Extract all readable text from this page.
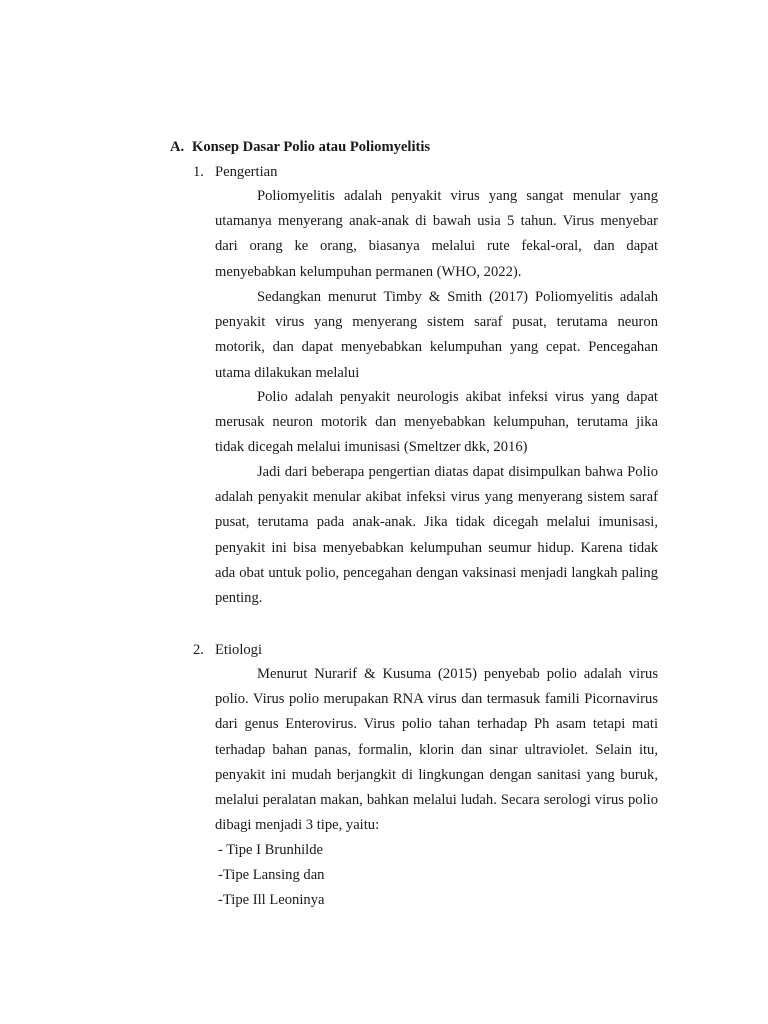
A. Konsep Dasar Polio atau Poliomyelitis
1. Pengertian

Poliomyelitis adalah penyakit virus yang sangat menular yang utamanya menyerang anak-anak di bawah usia 5 tahun. Virus menyebar dari orang ke orang, biasanya melalui rute fekal-oral, dan dapat menyebabkan kelumpuhan permanen (WHO, 2022).

Sedangkan menurut Timby & Smith (2017) Poliomyelitis adalah penyakit virus yang menyerang sistem saraf pusat, terutama neuron motorik, dan dapat menyebabkan kelumpuhan yang cepat. Pencegahan utama dilakukan melalui

Polio adalah penyakit neurologis akibat infeksi virus yang dapat merusak neuron motorik dan menyebabkan kelumpuhan, terutama jika tidak dicegah melalui imunisasi (Smeltzer dkk, 2016)

Jadi dari beberapa pengertian diatas dapat disimpulkan bahwa Polio adalah penyakit menular akibat infeksi virus yang menyerang sistem saraf pusat, terutama pada anak-anak. Jika tidak dicegah melalui imunisasi, penyakit ini bisa menyebabkan kelumpuhan seumur hidup. Karena tidak ada obat untuk polio, pencegahan dengan vaksinasi menjadi langkah paling penting.

2. Etiologi

Menurut Nurarif & Kusuma (2015) penyebab polio adalah virus polio. Virus polio merupakan RNA virus dan termasuk famili Picornavirus dari genus Enterovirus. Virus polio tahan terhadap Ph asam tetapi mati terhadap bahan panas, formalin, klorin dan sinar ultraviolet. Selain itu, penyakit ini mudah berjangkit di lingkungan dengan sanitasi yang buruk, melalui peralatan makan, bahkan melalui ludah. Secara serologi virus polio dibagi menjadi 3 tipe, yaitu:

- Tipe I Brunhilde
-Tipe Lansing dan
-Tipe Ill Leoninya
